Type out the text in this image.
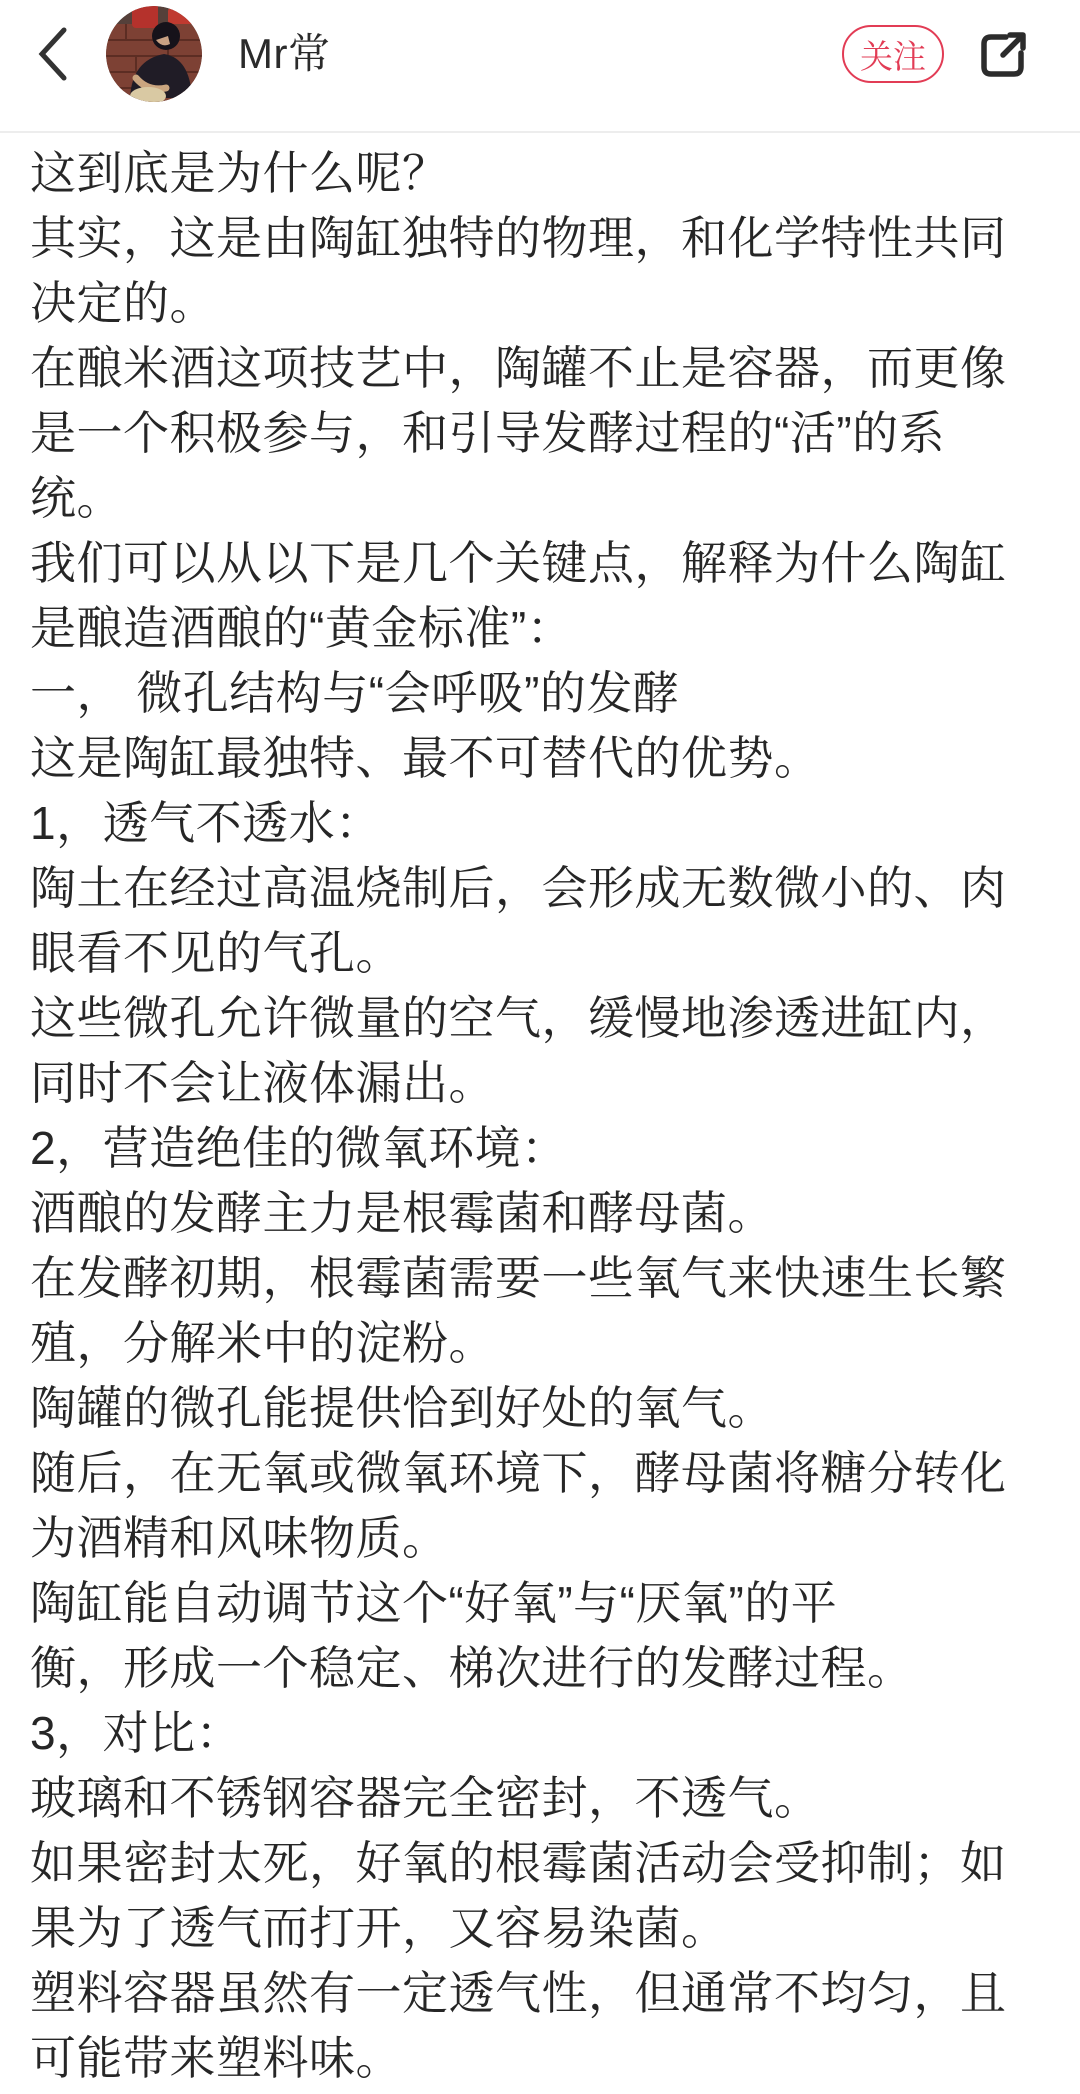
Mr常	关注
这到底是为什么呢？
其实，这是由陶缸独特的物理，和化学特性共同
决定的。
在酿米酒这项技艺中，陶罐不止是容器，而更像
是一个积极参与，和引导发酵过程的“活”的系
统。
我们可以从以下是几个关键点，解释为什么陶缸
是酿造酒酿的“黄金标准”：
一， 微孔结构与“会呼吸”的发酵
这是陶缸最独特、最不可替代的优势。
1，透气不透水：
陶土在经过高温烧制后，会形成无数微小的、肉
眼看不见的气孔。
这些微孔允许微量的空气，缓慢地渗透进缸内，
同时不会让液体漏出。
2，营造绝佳的微氧环境：
酒酿的发酵主力是根霉菌和酵母菌。
在发酵初期，根霉菌需要一些氧气来快速生长繁
殖，分解米中的淀粉。
陶罐的微孔能提供恰到好处的氧气。
随后，在无氧或微氧环境下，酵母菌将糖分转化
为酒精和风味物质。
陶缸能自动调节这个“好氧”与“厌氧”的平
衡，形成一个稳定、梯次进行的发酵过程。
3，对比：
玻璃和不锈钢容器完全密封，不透气。
如果密封太死，好氧的根霉菌活动会受抑制；如
果为了透气而打开，又容易染菌。
塑料容器虽然有一定透气性，但通常不均匀，且
可能带来塑料味。
